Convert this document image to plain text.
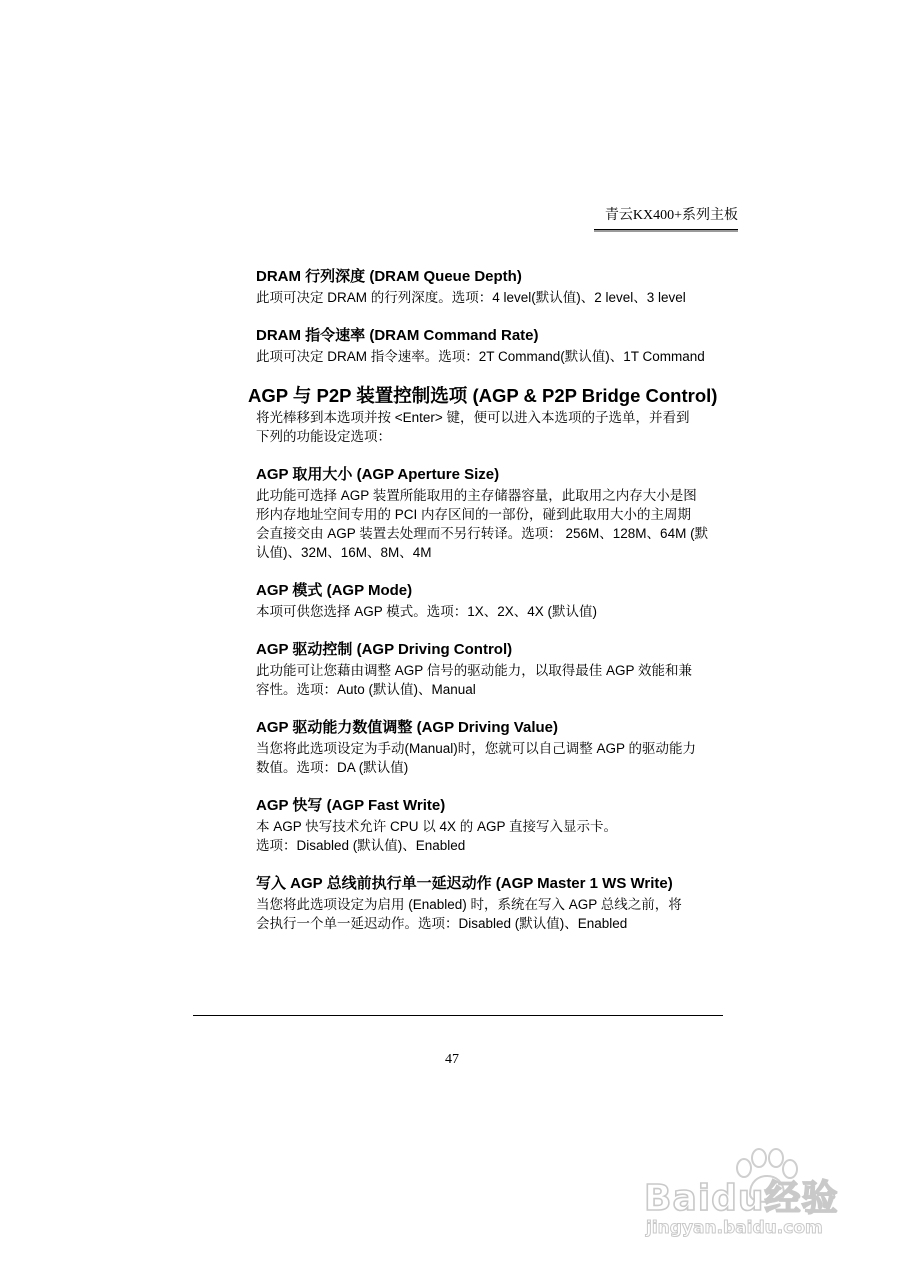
青云KX400+系列主板
DRAM 行列深度 (DRAM Queue Depth)
此项可决定 DRAM 的行列深度。选项：4 level(默认值)、2 level、3 level
DRAM 指令速率 (DRAM Command Rate)
此项可决定 DRAM 指令速率。选项：2T Command(默认值)、1T Command
AGP 与 P2P 装置控制选项 (AGP & P2P Bridge Control)
将光棒移到本选项并按 <Enter> 键，便可以进入本选项的子选单，并看到
下列的功能设定选项：
AGP 取用大小 (AGP Aperture Size)
此功能可选择 AGP 装置所能取用的主存储器容量，此取用之内存大小是图
形内存地址空间专用的 PCI 内存区间的一部份，碰到此取用大小的主周期
会直接交由 AGP 装置去处理而不另行转译。选项： 256M、128M、64M (默
认值)、32M、16M、8M、4M
AGP 模式 (AGP Mode)
本项可供您选择 AGP 模式。选项：1X、2X、4X (默认值)
AGP 驱动控制 (AGP Driving Control)
此功能可让您藉由调整 AGP 信号的驱动能力，以取得最佳 AGP 效能和兼
容性。选项：Auto (默认值)、Manual
AGP 驱动能力数值调整 (AGP Driving Value)
当您将此选项设定为手动(Manual)时，您就可以自己调整 AGP 的驱动能力
数值。选项：DA (默认值)
AGP 快写 (AGP Fast Write)
本 AGP 快写技术允许 CPU 以 4X 的 AGP 直接写入显示卡。
选项：Disabled (默认值)、Enabled
写入 AGP 总线前执行单一延迟动作 (AGP Master 1 WS Write)
当您将此选项设定为启用 (Enabled) 时，系统在写入 AGP 总线之前，将
会执行一个单一延迟动作。选项：Disabled (默认值)、Enabled
47
Baidu经验
jingyan.baidu.com
